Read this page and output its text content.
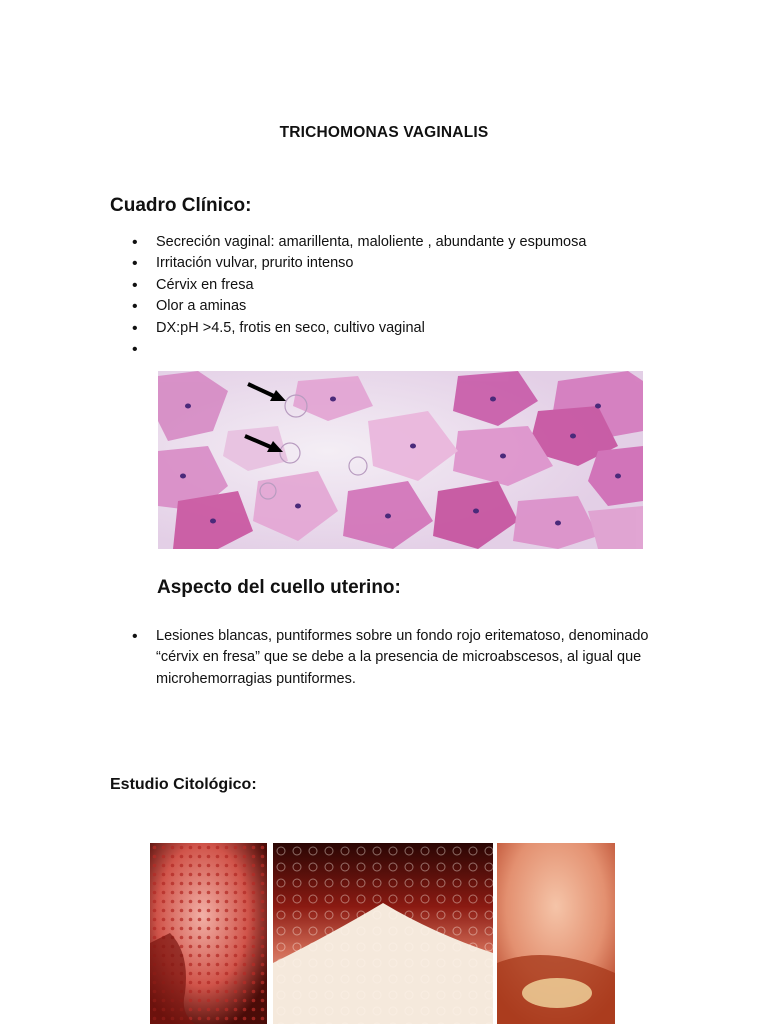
TRICHOMONAS VAGINALIS
Cuadro Clínico:
• Secreción vaginal: amarillenta, maloliente , abundante y espumosa
• Irritación vulvar, prurito intenso
• Cérvix en fresa
• Olor a aminas
• DX:pH >4.5, frotis en seco, cultivo vaginal
•
Aspecto del cuello uterino:
• Lesiones blancas, puntiformes sobre un fondo rojo eritematoso, denominado “cérvix en fresa” que se debe a la presencia de microabscesos, al igual que microhemorragias puntiformes.
Estudio Citológico:
